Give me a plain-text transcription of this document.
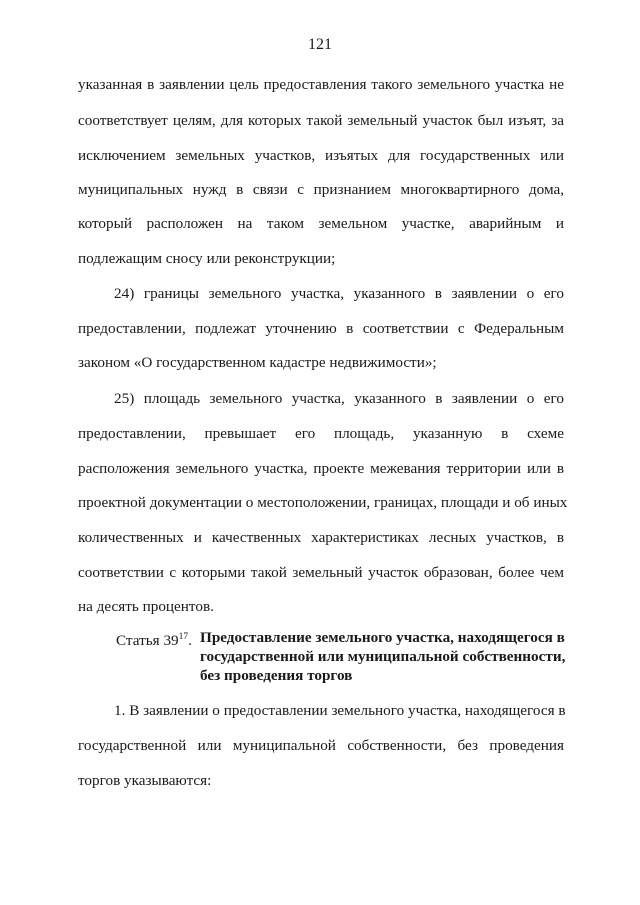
121
указанная в заявлении цель предоставления такого земельного участка не
соответствует целям, для которых такой земельный участок был изъят, за
исключением земельных участков, изъятых для государственных или
муниципальных нужд в связи с признанием многоквартирного дома,
который расположен на таком земельном участке, аварийным и
подлежащим сносу или реконструкции;
24) границы земельного участка, указанного в заявлении о его
предоставлении, подлежат уточнению в соответствии с Федеральным
законом «О государственном кадастре недвижимости»;
25) площадь земельного участка, указанного в заявлении о его
предоставлении, превышает его площадь, указанную в схеме
расположения земельного участка, проекте межевания территории или в
проектной документации о местоположении, границах, площади и об иных
количественных и качественных характеристиках лесных участков, в
соответствии с которыми такой земельный участок образован, более чем
на десять процентов.
1. В заявлении о предоставлении земельного участка, находящегося в
государственной или муниципальной собственности, без проведения
торгов указываются:
Статья $39^{17}$. Предоставление земельного участка, находящегося в
государственной или муниципальной собственности,
без проведения торгов
